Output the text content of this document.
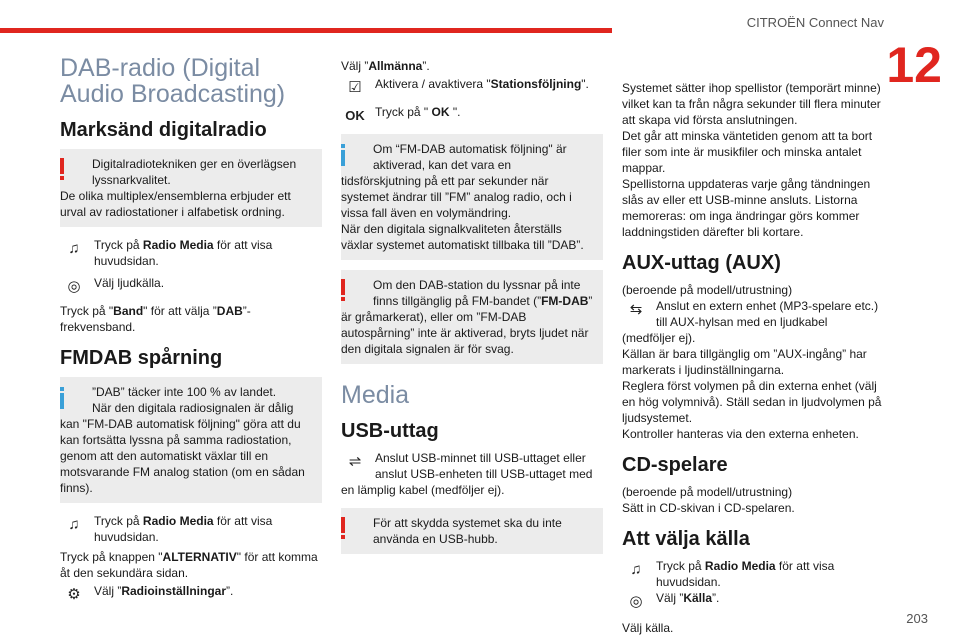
CITROËN Connect Nav
12
DAB-radio (Digital Audio Broadcasting)
Marksänd digitalradio
Digitalradiotekniken ger en överlägsen lyssnarkvalitet.
De olika multiplex/ensemblerna erbjuder ett urval av radiostationer i alfabetisk ordning.
♫	Tryck på Radio Media för att visa huvudsidan.
◎	Välj ljudkälla.

Tryck på "Band" för att välja ”DAB”-frekvensband.

FMDAB spårning
”DAB” täcker inte 100 % av landet.
När den digitala radiosignalen är dålig
kan "FM-DAB automatisk följning" göra att du kan fortsätta lyssna på samma radiostation, genom att den automatiskt växlar till en motsvarande FM analog station (om en sådan finns).
♫	Tryck på Radio Media för att visa huvudsidan.

Tryck på knappen "ALTERNATIV" för att komma åt den sekundära sidan.

⚙	Välj ”Radioinställningar”.

Välj ”Allmänna”.

☑	Aktivera / avaktivera "Stationsföljning".
OK Tryck på " OK ".
Om “FM-DAB automatisk följning" är aktiverad, kan det vara en
tidsförskjutning på ett par sekunder när systemet ändrar till ”FM” analog radio, och i vissa fall även en volymändring.
När den digitala signalkvaliteten återställs växlar systemet automatiskt tillbaka till ”DAB”.
Om den DAB-station du lyssnar på inte finns tillgänglig på FM-bandet (”FM-DAB”
är gråmarkerat), eller om ”FM-DAB autospårning” inte är aktiverad, bryts ljudet när den digitala signalen är för svag.
Media
USB-uttag
⇌	Anslut USB-minnet till USB-uttaget eller anslut USB-enheten till USB-uttaget med

en lämplig kabel (medföljer ej).

För att skydda systemet ska du inte använda en USB-hubb.

Systemet sätter ihop spellistor (temporärt minne) vilket kan ta från några sekunder till flera minuter att skapa vid första anslutningen.
Det går att minska väntetiden genom att ta bort filer som inte är musikfiler och minska antalet mappar.
Spellistorna uppdateras varje gång tändningen slås av eller ett USB-minne ansluts. Listorna memoreras: om inga ändringar görs kommer laddningstiden därefter bli kortare.

AUX-uttag (AUX)

(beroende på modell/utrustning)

⇆	Anslut en extern enhet (MP3-spelare etc.) till AUX-hylsan med en ljudkabel

(medföljer ej).
Källan är bara tillgänglig om ”AUX-ingång” har markerats i ljudinställningarna.
Reglera först volymen på din externa enhet (välj en hög volymnivå). Ställ sedan in ljudvolymen på ljudsystemet.
Kontroller hanteras via den externa enheten.

CD-spelare

(beroende på modell/utrustning)
Sätt in CD-skivan i CD-spelaren.

Att välja källa
♫	Tryck på Radio Media för att visa huvudsidan.
◎	Välj ”Källa”.

Välj källa.

203
